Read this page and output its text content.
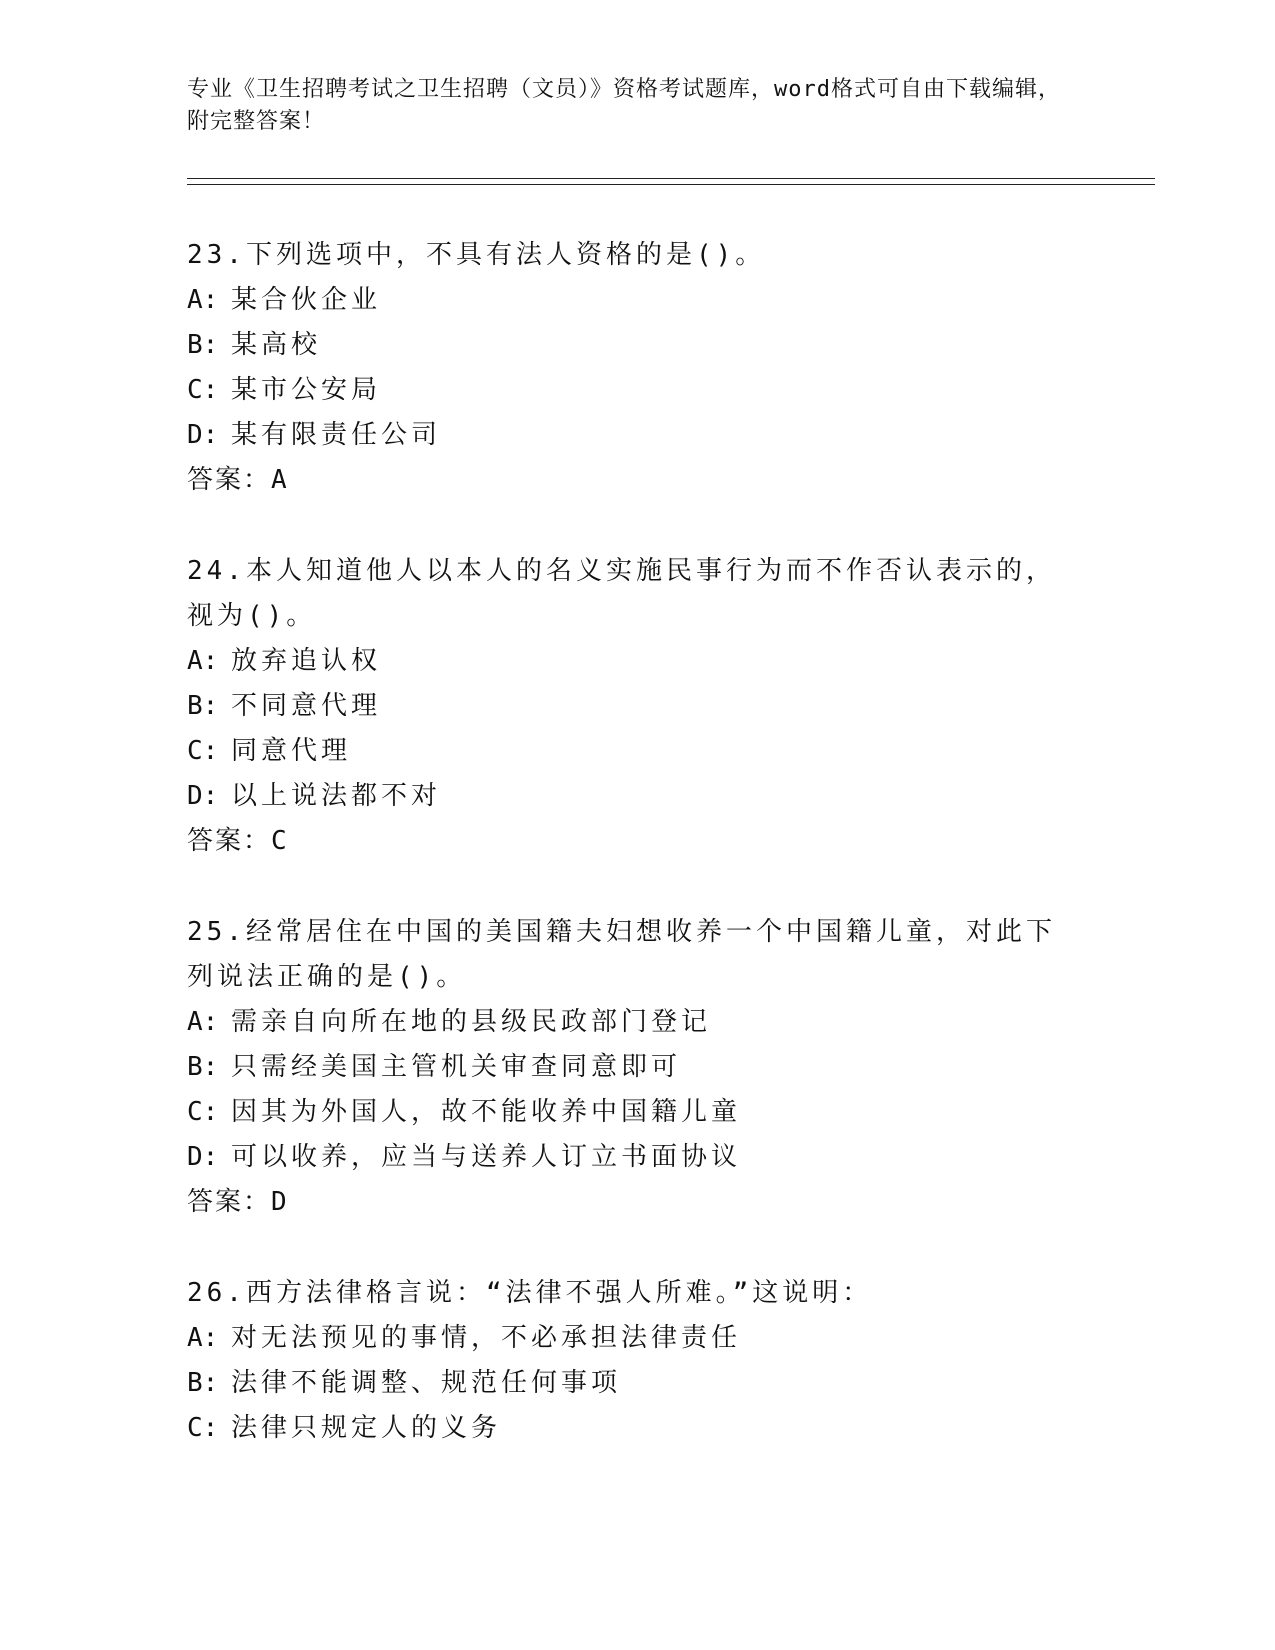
专业《卫生招聘考试之卫生招聘（文员）》资格考试题库，word格式可自由下载编辑，附完整答案！

23.下列选项中，不具有法人资格的是()。

A: 某合伙企业

B: 某高校

C: 某市公安局

D: 某有限责任公司

答案：A

24.本人知道他人以本人的名义实施民事行为而不作否认表示的，视为()。

A: 放弃追认权

B: 不同意代理

C: 同意代理

D: 以上说法都不对

答案：C

25.经常居住在中国的美国籍夫妇想收养一个中国籍儿童，对此下列说法正确的是()。

A: 需亲自向所在地的县级民政部门登记

B: 只需经美国主管机关审查同意即可

C: 因其为外国人，故不能收养中国籍儿童

D: 可以收养，应当与送养人订立书面协议

答案：D

26.西方法律格言说：“法律不强人所难。”这说明：

A: 对无法预见的事情，不必承担法律责任

B: 法律不能调整、规范任何事项

C: 法律只规定人的义务
